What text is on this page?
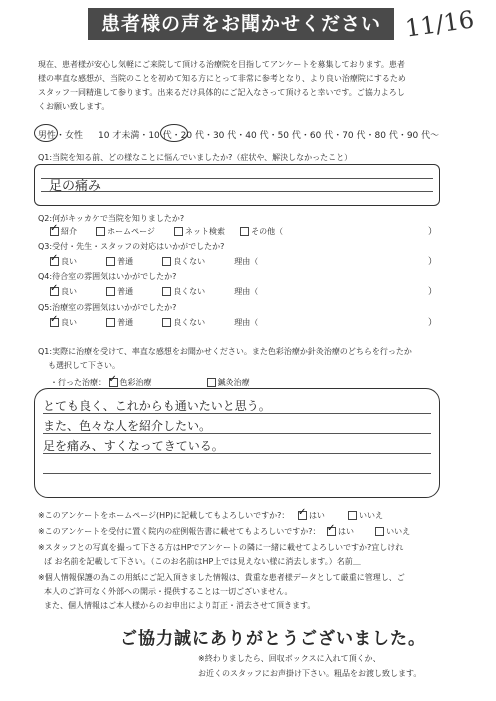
患者様の声をお聞かせください 11/16
現在、患者様が安心し気軽にご来院して頂ける治療院を目指してアンケートを募集しております。患者
様の率直な感想が、当院のことを初めて知る方にとって非常に参考となり、より良い治療院にするため
スタッフ一同精進して参ります。出来るだけ具体的にご記入なさって頂けると幸いです。ご協力よろし
くお願い致します。
男性・女性 10 才未満・10 代・20 代・30 代・40 代・50 代・60 代・70 代・80 代・90 代～
Q1:当院を知る前、どの様なことに悩んでいましたか?（症状や、解決しなかったこと）
足の痛み
Q2:何がキッカケで当院を知りましたか?
✓紹介	ホームページ	ネット検索	その他（	）
Q3:受付・先生・スタッフの対応はいかがでしたか?
✓良い	普通	良くない	理由（	）
Q4:待合室の雰囲気はいかがでしたか?
✓良い	普通	良くない	理由（	）
Q5:治療室の雰囲気はいかがでしたか?
✓良い	普通	良くない	理由（	）
Q1:実際に治療を受けて、率直な感想をお聞かせください。また色彩治療か針灸治療のどちらを行ったか
も選択して下さい。
・行った治療： ✓ 色彩治療	鍼灸治療
とても良く、これからも通いたいと思う。
また、色々な人を紹介したい。
足を痛み、すくなってきている。
※このアンケートをホームページ(HP)に記載してもよろしいですか?： ✓ はい	いいえ
※このアンケートを受付に置く院内の症例報告書に載せてもよろしいですか?： ✓ はい	いいえ
※スタッフとの写真を撮って下さる方はHPでアンケートの隣に一緒に載せてよろしいですか?宜しけれ
ば お名前を記載して下さい。（このお名前はHP上では見えない様に消去します。）名前＿
※個人情報保護の為この用紙にご記入頂きました情報は、貴重な患者様データとして厳重に管理し、ご
本人のご許可なく外部への開示・提供することは一切ございません。
また、個人情報はご本人様からのお申出により訂正・消去させて頂きます。
ご協力誠にありがとうございました。
※終わりましたら、回収ボックスに入れて頂くか、
お近くのスタッフにお声掛け下さい。粗品をお渡し致します。
